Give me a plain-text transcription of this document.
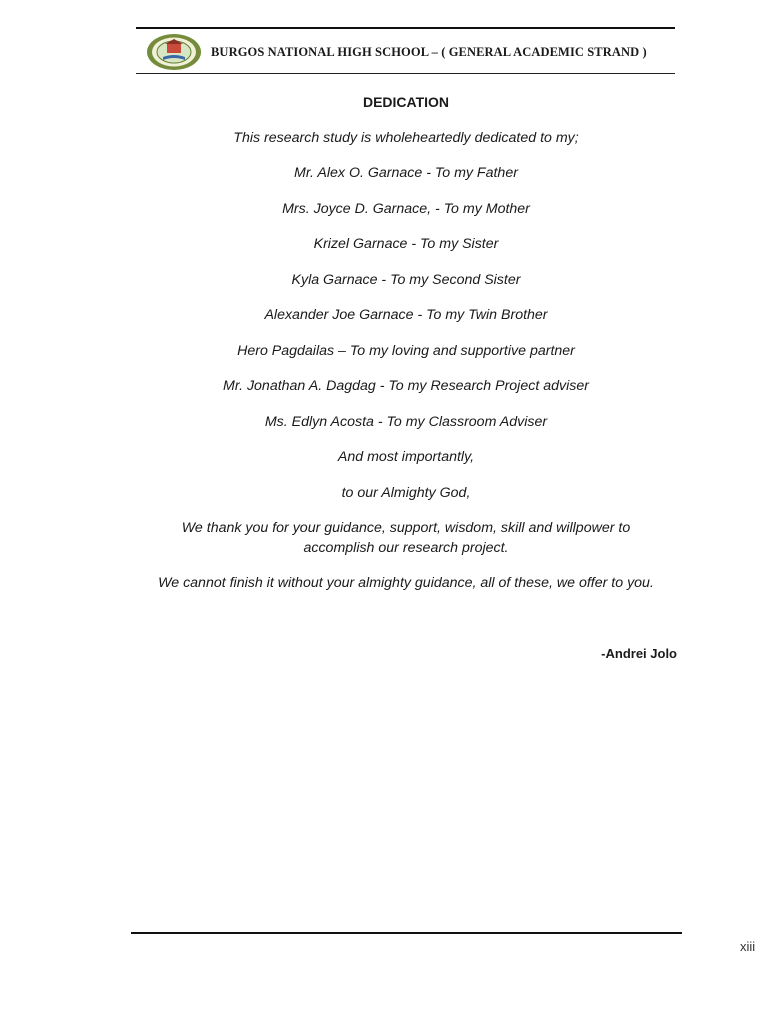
BURGOS NATIONAL HIGH SCHOOL – ( GENERAL ACADEMIC STRAND )
DEDICATION
This research study is wholeheartedly dedicated to my;
Mr. Alex O. Garnace - To my Father
Mrs. Joyce D. Garnace, - To my Mother
Krizel Garnace - To my Sister
Kyla Garnace - To my Second Sister
Alexander Joe Garnace - To my Twin Brother
Hero Pagdailas – To my loving and supportive partner
Mr. Jonathan A. Dagdag - To my Research Project adviser
Ms. Edlyn Acosta - To my Classroom Adviser
And most importantly,
to our Almighty God,
We thank you for your guidance, support, wisdom, skill and willpower to accomplish our research project.
We cannot finish it without your almighty guidance, all of these, we offer to you.
-Andrei Jolo
xiii
